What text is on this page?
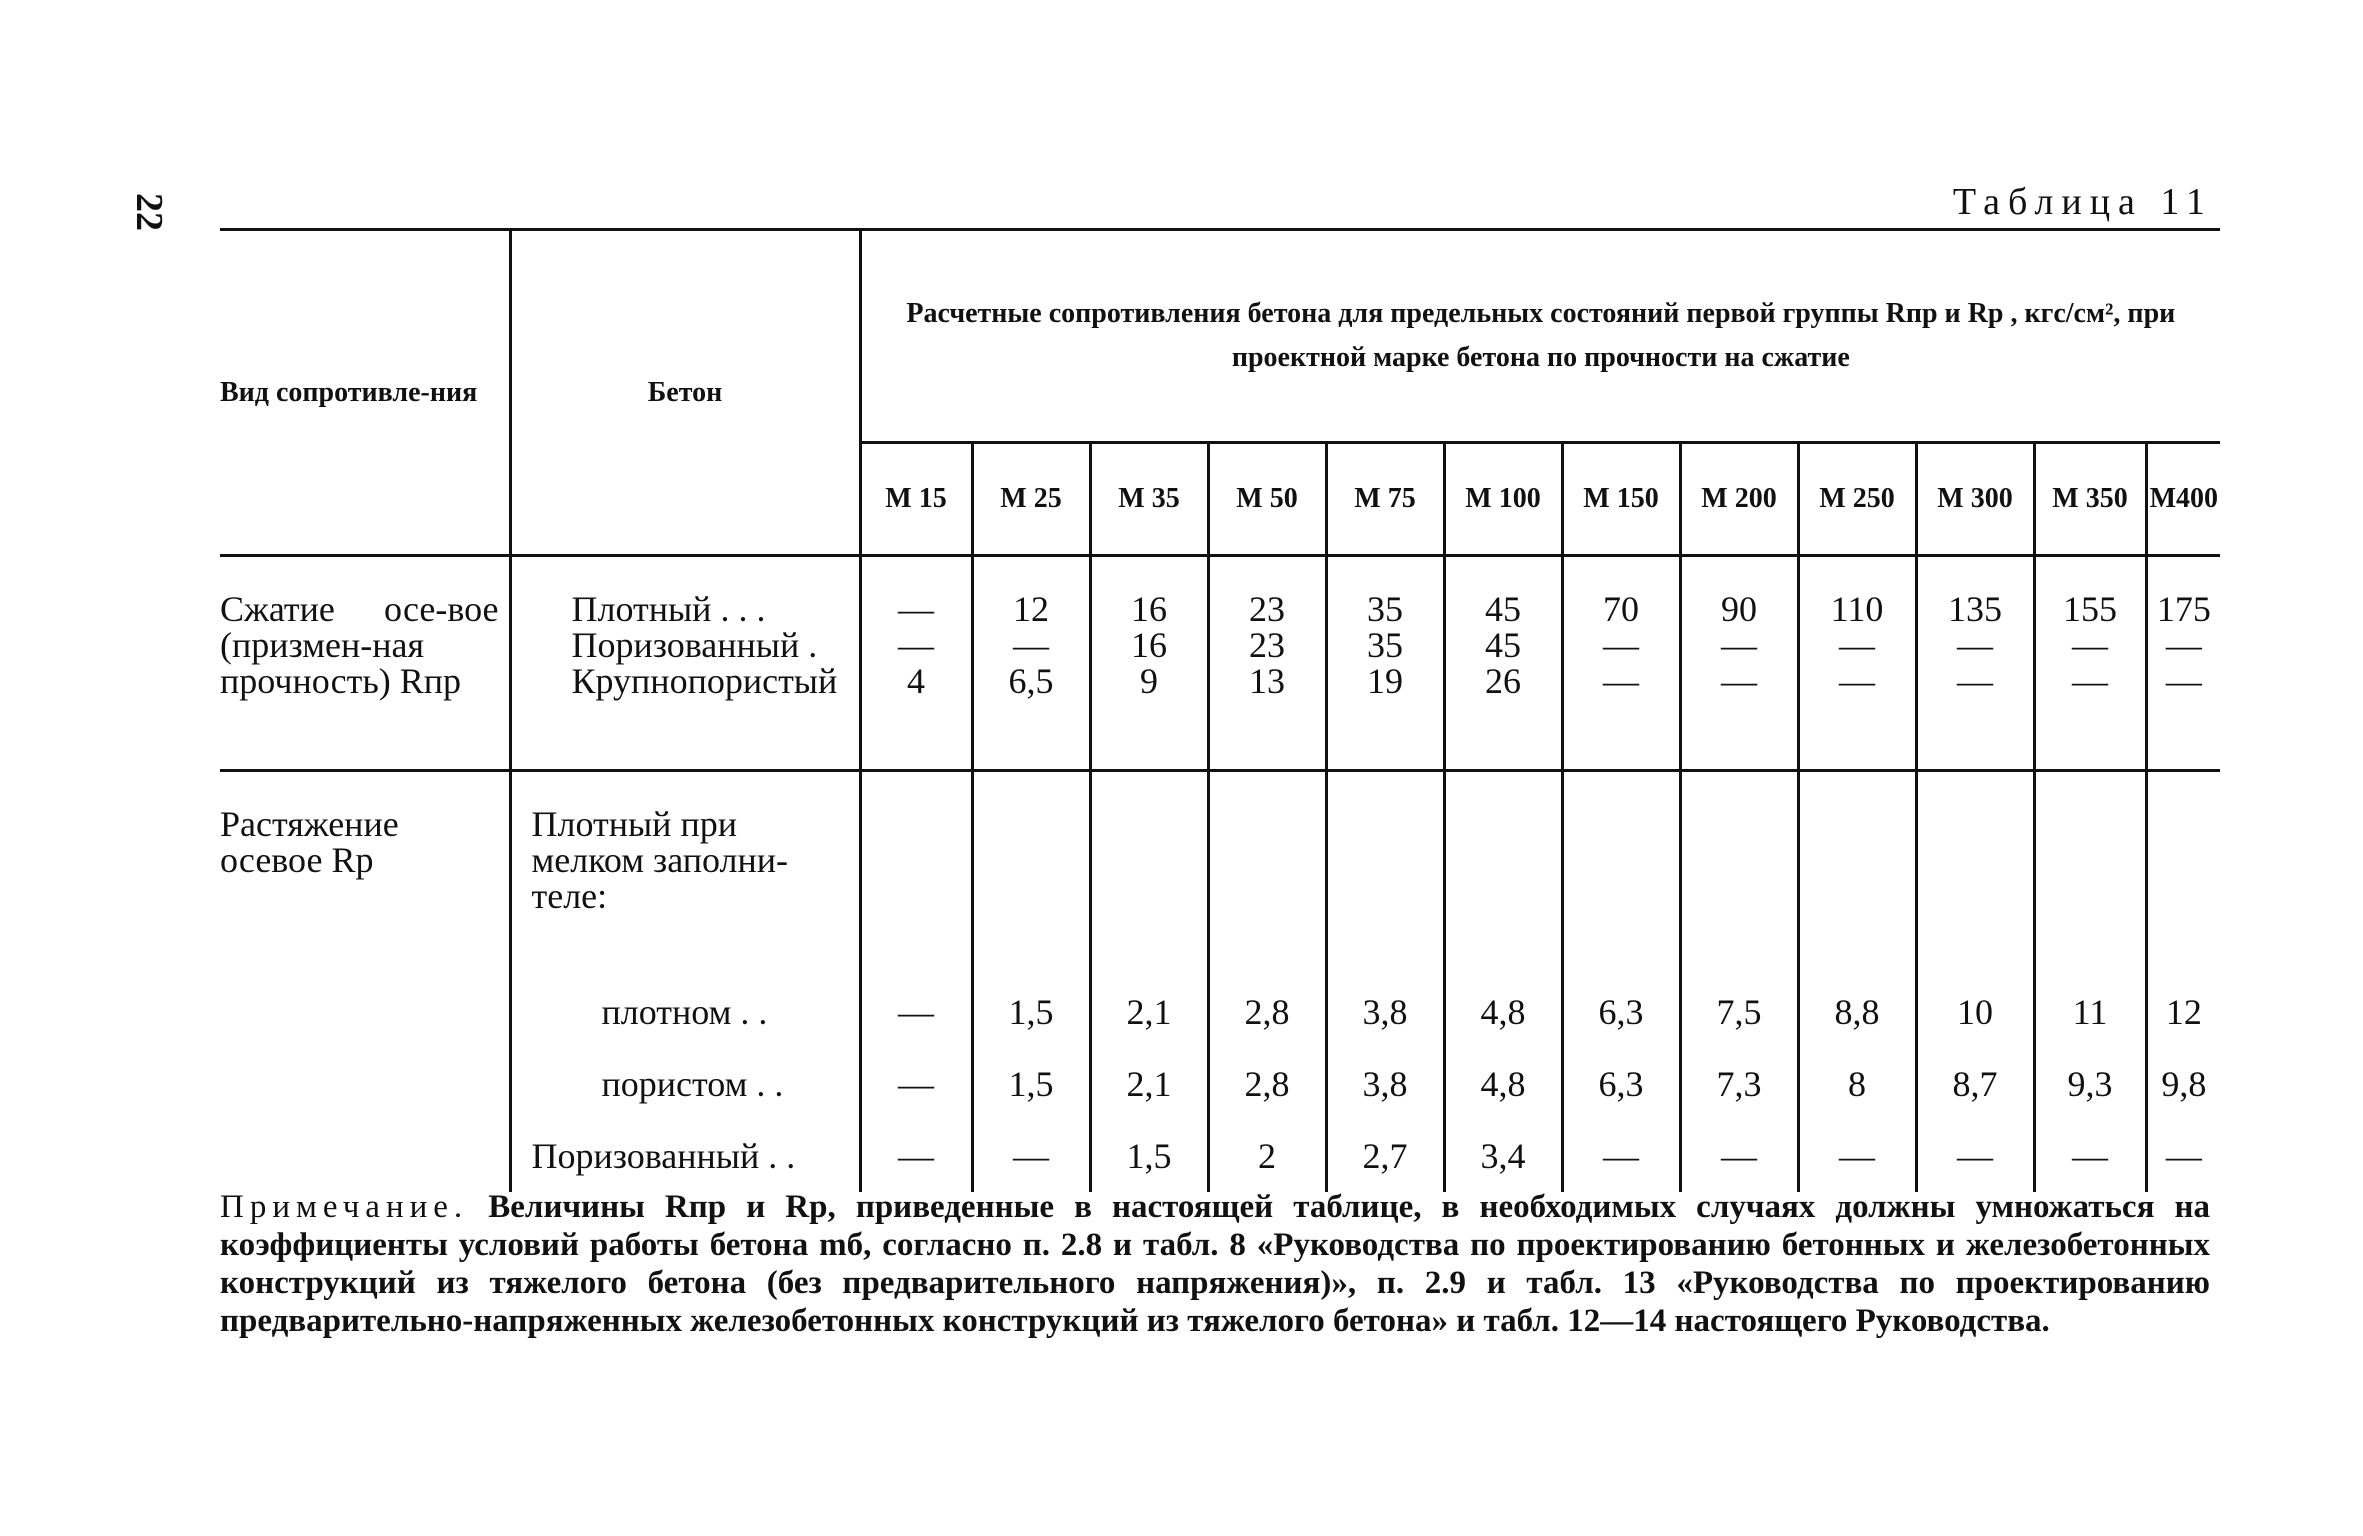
22	Таблица 11
Вид сопротивле-ния	Бетон	Расчетные сопротивления бетона для предельных состояний первой группы Rпр и Rр , кгс/см², при проектной марке бетона по прочности на сжатие											
		М 15	М 25	М 35	М 50	М 75	М 100	М 150	М 200	М 250	М 300	М 350	М400
Сжатие осе-вое (призмен-ная прочность) Rпр	Плотный . . .	—	12	16	23	35	45	70	90	110	135	155	175
	Поризованный .	—	—	16	23	35	45	—	—	—	—	—	—
	Крупнопористый	4	6,5	9	13	19	26	—	—	—	—	—	—

Растяжение осевое Rр	Плотный при мелком заполни-теле:												
	плотном . .	—	1,5	2,1	2,8	3,8	4,8	6,3	7,5	8,8	10	11	12
	пористом . .	—	1,5	2,1	2,8	3,8	4,8	6,3	7,3	8	8,7	9,3	9,8
	Поризованный . .	—	—	1,5	2	2,7	3,4	—	—	—	—	—	—
Примечание. Величины Rпр и Rр, приведенные в настоящей таблице, в необходимых случаях должны умножаться на коэффициенты условий работы бетона mб, согласно п. 2.8 и табл. 8 «Руководства по проектированию бетонных и железобетонных конструкций из тяжелого бетона (без предварительного напряжения)», п. 2.9 и табл. 13 «Руководства по проектированию предварительно-напряженных железобетонных конструкций из тяжелого бетона» и табл. 12—14 настоящего Руководства.
